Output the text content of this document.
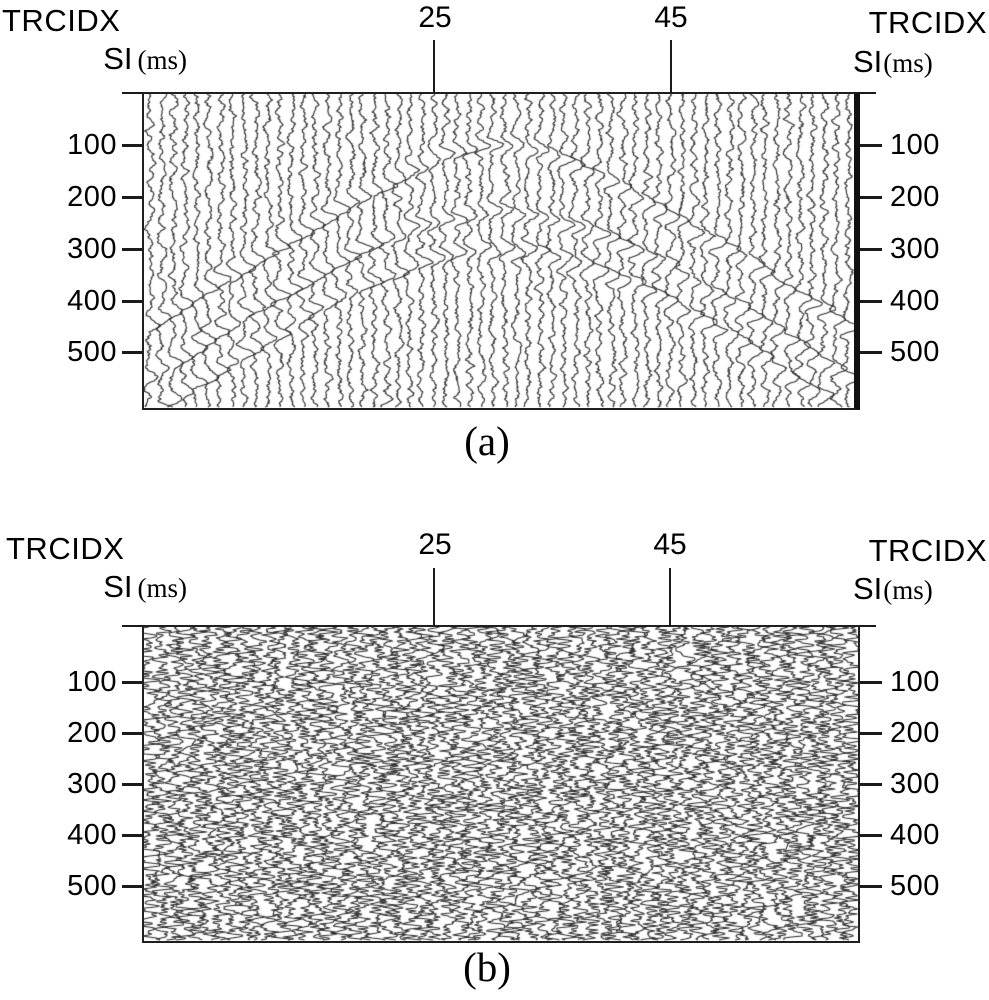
TRCIDX
SI (ms)
25	45	TRCIDX
SI(ms)
100
200
300
400
500
100
200
300
400
500
(a)
TRCIDX
SI (ms)
25	45	TRCIDX
SI(ms)
100
200
300
400
500
100
200
300
400
500
(b)
